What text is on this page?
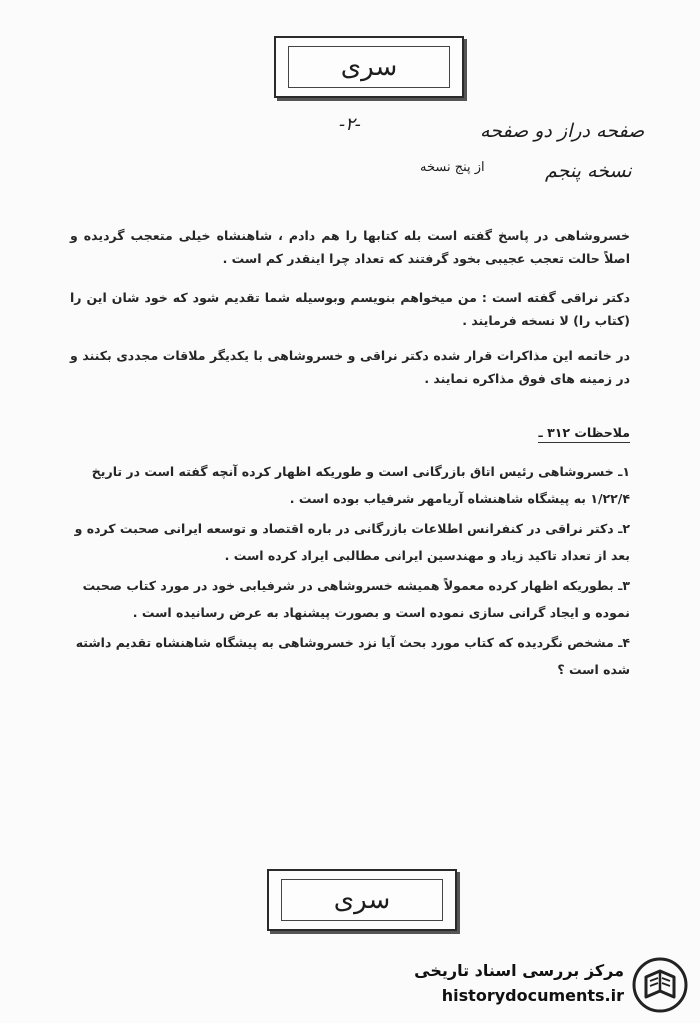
سری
-۲-	صفحه دراز دو صفحه
نسخه پنجم
از پنج نسخه
خسروشاهی در پاسخ گفته است بله کتابها را هم دادم ، شاهنشاه خیلی متعجب گردیده و اصلاً حالت تعجب عجیبی بخود گرفتند که تعداد چرا اینقدر کم است .
دکتر نراقی گفته است : من میخواهم بنویسم وبوسیله شما تقدیم شود که خود شان این را (کتاب را) لا نسخه فرمایند .
در خاتمه این مذاکرات قرار شده دکتر نراقی و خسروشاهی با یکدیگر ملاقات مجددی بکنند و در زمینه های فوق مذاکره نمایند .
ملاحظات ۳۱۲ ـ
۱ـ خسروشاهی رئیس اتاق بازرگانی است و طوریکه اظهار کرده آنچه گفته است در تاریخ ۱/۲۲/۴ به پیشگاه شاهنشاه آریامهر شرفیاب بوده است .
۲ـ دکتر نراقی در کنفرانس اطلاعات بازرگانی در باره اقتصاد و توسعه ایرانی صحبت کرده و بعد از تعداد تاکید زیاد و مهندسین ایرانی مطالبی ایراد کرده است .
۳ـ بطوریکه اظهار کرده معمولاً همیشه خسروشاهی در شرفیابی خود در مورد کتاب صحبت نموده و ایجاد گرانی سازی نموده است و بصورت پیشنهاد به عرض رسانیده است .
۴ـ مشخص نگردیده که کتاب مورد بحث آیا نزد خسروشاهی به پیشگاه شاهنشاه تقدیم داشته شده است ؟
سری
مرکز بررسی اسناد تاریخی
historydocuments.ir
